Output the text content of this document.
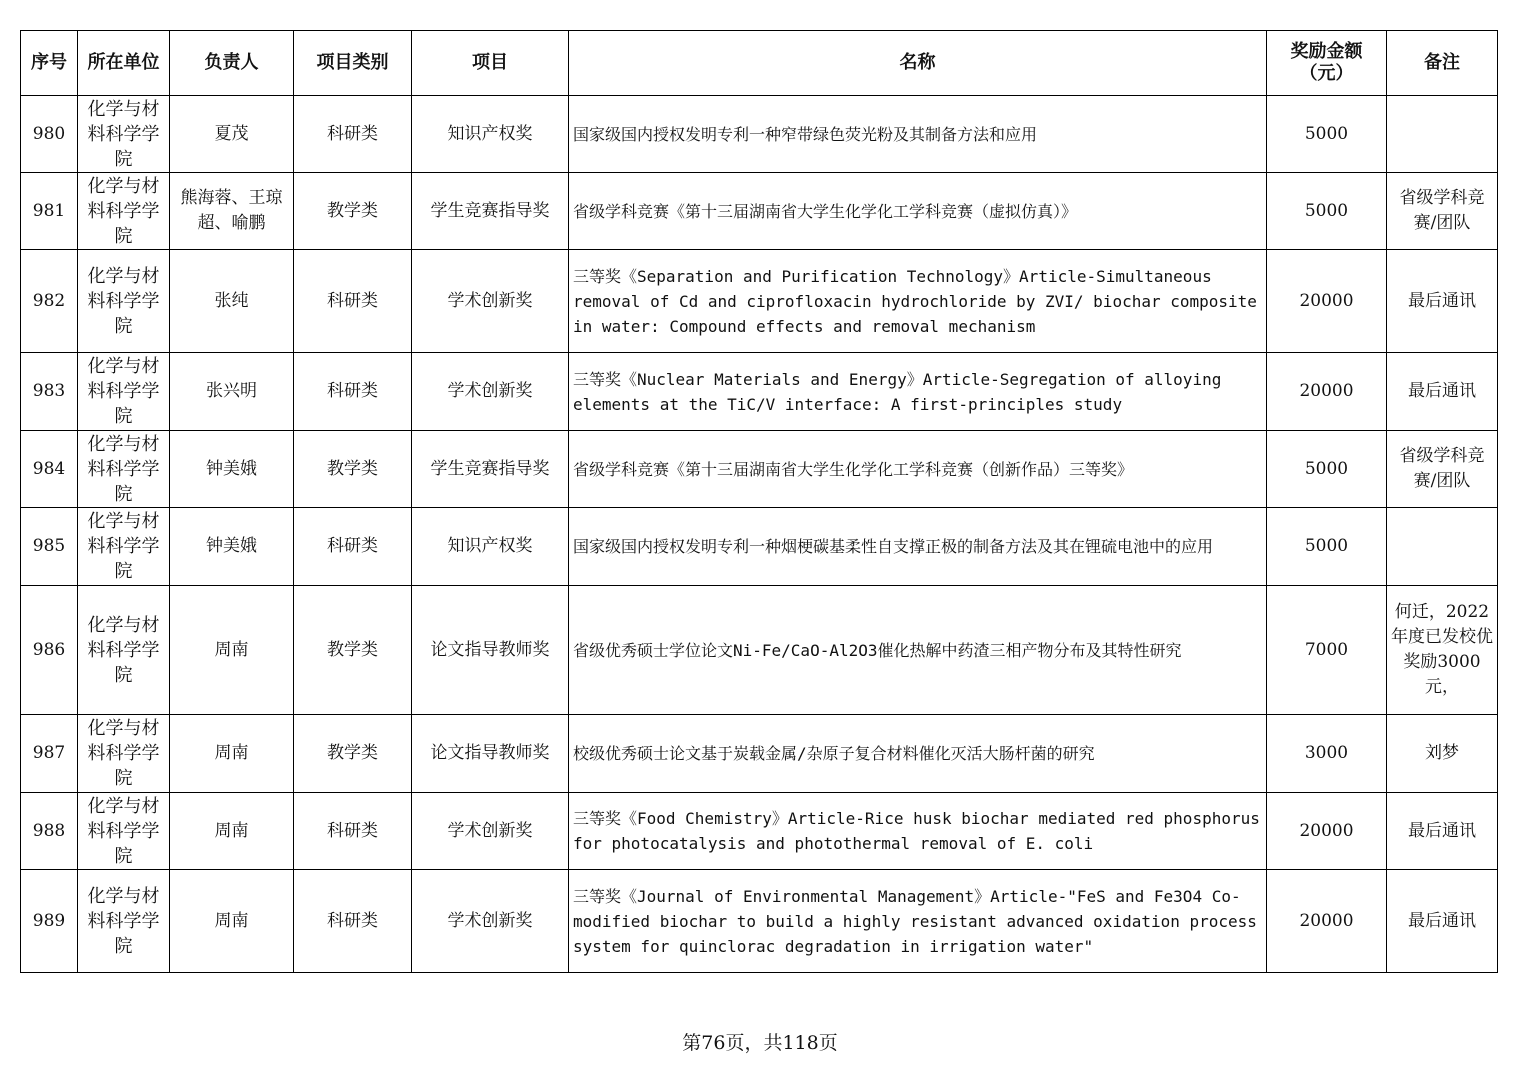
序号	所在单位	负责人	项目类别	项目	名称	奖励金额（元）	备注
980	化学与材料科学学院	夏茂	科研类	知识产权奖	国家级国内授权发明专利一种窄带绿色荧光粉及其制备方法和应用	5000	
981	化学与材料科学学院	熊海蓉、王琼超、喻鹏	教学类	学生竞赛指导奖	省级学科竞赛《第十三届湖南省大学生化学化工学科竞赛（虚拟仿真）》	5000	省级学科竞赛/团队
982	化学与材料科学学院	张纯	科研类	学术创新奖	三等奖《Separation and Purification Technology》Article-Simultaneous removal of Cd and ciprofloxacin hydrochloride by ZVI/ biochar composite in water: Compound effects and removal mechanism	20000	最后通讯
983	化学与材料科学学院	张兴明	科研类	学术创新奖	三等奖《Nuclear Materials and Energy》Article-Segregation of alloying elements at the TiC/V interface: A first-principles study	20000	最后通讯
984	化学与材料科学学院	钟美娥	教学类	学生竞赛指导奖	省级学科竞赛《第十三届湖南省大学生化学化工学科竞赛（创新作品）三等奖》	5000	省级学科竞赛/团队
985	化学与材料科学学院	钟美娥	科研类	知识产权奖	国家级国内授权发明专利一种烟梗碳基柔性自支撑正极的制备方法及其在锂硫电池中的应用	5000	
986	化学与材料科学学院	周南	教学类	论文指导教师奖	省级优秀硕士学位论文Ni-Fe/CaO-Al2O3催化热解中药渣三相产物分布及其特性研究	7000	何迁，2022年度已发校优奖励3000元，
987	化学与材料科学学院	周南	教学类	论文指导教师奖	校级优秀硕士论文基于炭载金属/杂原子复合材料催化灭活大肠杆菌的研究	3000	刘梦
988	化学与材料科学学院	周南	科研类	学术创新奖	三等奖《Food Chemistry》Article-Rice husk biochar mediated red phosphorus for photocatalysis and photothermal removal of E. coli	20000	最后通讯
989	化学与材料科学学院	周南	科研类	学术创新奖	三等奖《Journal of Environmental Management》Article-"FeS and Fe3O4 Co-modified biochar to build a highly resistant advanced oxidation process system for quinclorac degradation in irrigation water"	20000	最后通讯
第76页，共118页
